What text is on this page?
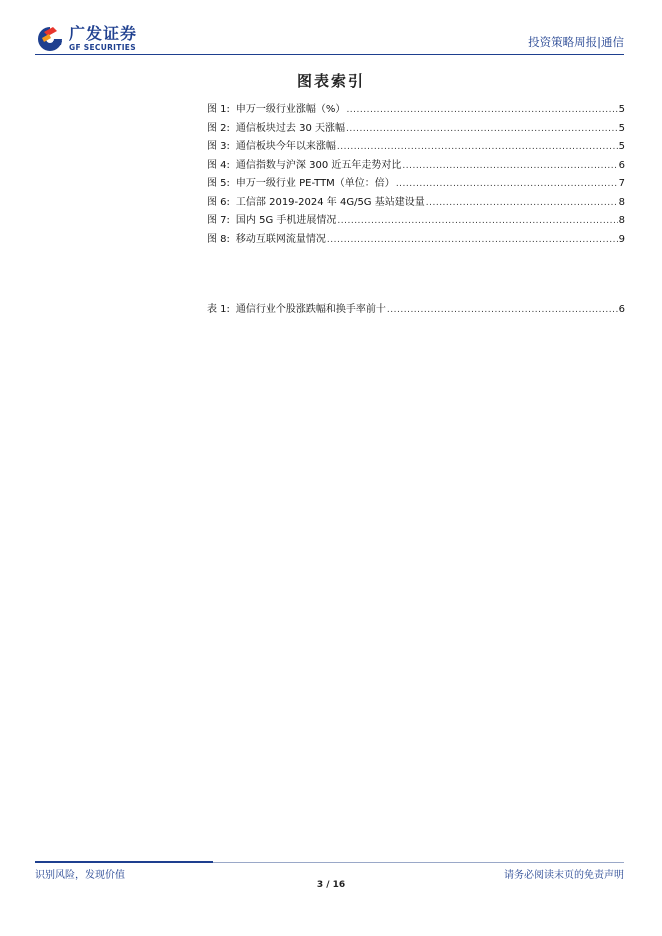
广发证券
GF SECURITIES	投资策略周报|通信
图表索引
图 1: 申万一级行业涨幅（%） .....	5
图 2: 通信板块过去 30 天涨幅 .....	5
图 3: 通信板块今年以来涨幅 .....	5
图 4: 通信指数与沪深 300 近五年走势对比 .....	6
图 5: 申万一级行业 PE-TTM（单位：倍） .....	7
图 6: 工信部 2019-2024 年 4G/5G 基站建设量 .....	8
图 7: 国内 5G 手机进展情况 .....	8
图 8: 移动互联网流量情况 .....	9
表 1: 通信行业个股涨跌幅和换手率前十 .....	6
识别风险，发现价值	请务必阅读末页的免责声明
3 / 16
